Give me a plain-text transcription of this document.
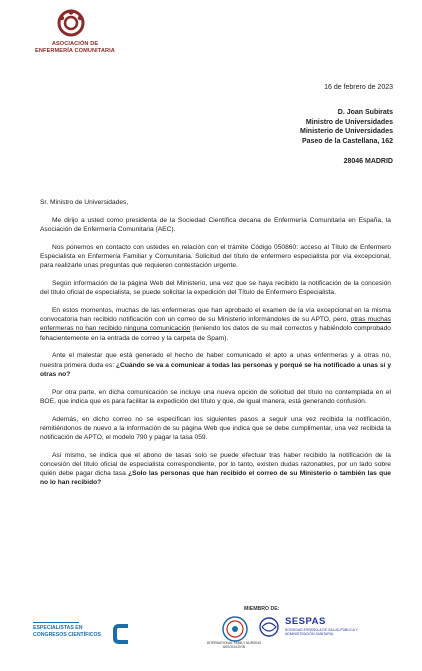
ASOCIACIÓN DE
ENFERMERÍA COMUNITARIA
16 de febrero de 2023
D. Joan Subirats
Ministro de Universidades
Ministerio de Universidades
Paseo de la Castellana, 162
28046 MADRID

Sr. Ministro de Universidades,

Me dirijo a usted como presidenta de la Sociedad Científica decana de Enfermería Comunitaria en España, la Asociación de Enfermería Comunitaria (AEC).

Nos ponemos en contacto con ustedes en relación con el trámite Código 050860: acceso al Título de Enfermero Especialista en Enfermería Familiar y Comunitaria. Solicitud del título de enfermero especialista por vía excepcional, para realizarle unas preguntas que requieren contestación urgente.

Según información de la página Web del Ministerio, una vez que se haya recibido la notificación de la concesión del título oficial de especialista, se puede solicitar la expedición del Título de Enfermero Especialista.

En estos momentos, muchas de las enfermeras que han aprobado el examen de la vía excepcional en la misma convocatoria han recibido notificación con un correo de su Ministerio informándoles de su APTO, pero, otras muchas enfermeras no han recibido ninguna comunicación (teniendo los datos de su mail correctos y habiéndolo comprobado fehacientemente en la entrada de correo y la carpeta de Spam).

Ante el malestar que está generado el hecho de haber comunicado el apto a unas enfermeras y a otras no, nuestra primera duda es: ¿Cuándo se va a comunicar a todas las personas y porqué se ha notificado a unas sí y otras no?

Por otra parte, en dicha comunicación se incluye una nueva opción de solicitud del título no contemplada en el BOE, que indica que es para facilitar la expedición del título y que, de igual manera, está generando confusión.

Además, en dicho correo no se especifican los siguientes pasos a seguir una vez recibida la notificación, remitiéndonos de nuevo a la información de su página Web que indica que se debe cumplimentar, una vez recibida la notificación de APTO, el modelo 790 y pagar la tasa 059.

Así mismo, se indica que el abono de tasas solo se puede efectuar tras haber recibido la notificación de la concesión del título oficial de especialista correspondiente, por lo tanto, existen dudas razonables, por un lado sobre quién debe pagar dicha tasa ¿Solo las personas que han recibido el correo de su Ministerio o también las que no lo han recibido?

ESPECIALISTAS EN
CONGRESOS CIENTÍFICOS
MIEMBRO DE:
INTERNATIONAL FAMILY NURSING ASSOCIATION
SESPAS
SOCIEDAD ESPAÑOLA DE SALUD PÚBLICA Y ADMINISTRACIÓN SANITARIA
